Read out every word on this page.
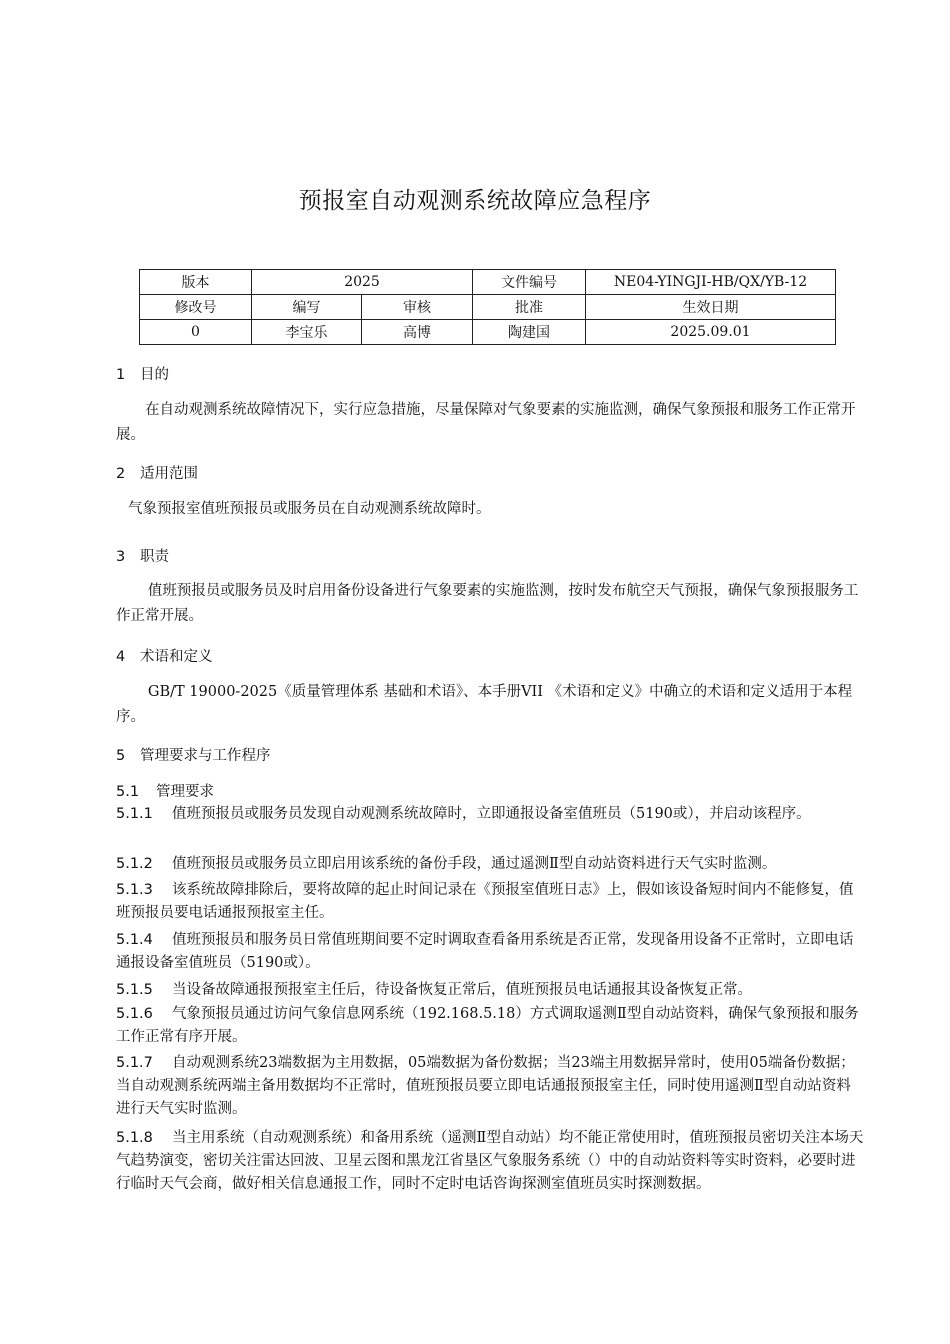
预报室自动观测系统故障应急程序
版本	2025		文件编号	NE04-YINGJI-HB/QX/YB-12
修改号	编写	审核	批准	生效日期
0	李宝乐	高博	陶建国	2025.09.01
1 目的

在自动观测系统故障情况下，实行应急措施，尽量保障对气象要素的实施监测，确保气象预报和服务工作正常开展。

2 适用范围

气象预报室值班预报员或服务员在自动观测系统故障时。

3 职责

值班预报员或服务员及时启用备份设备进行气象要素的实施监测，按时发布航空天气预报，确保气象预报服务工作正常开展。

4 术语和定义

GB/T 19000-2025《质量管理体系 基础和术语》、本手册VII 《术语和定义》中确立的术语和定义适用于本程序。

5 管理要求与工作程序
5.1 管理要求
5.1.1 值班预报员或服务员发现自动观测系统故障时，立即通报设备室值班员（5190或），并启动该程序。
5.1.2 值班预报员或服务员立即启用该系统的备份手段，通过遥测Ⅱ型自动站资料进行天气实时监测。
5.1.3 该系统故障排除后，要将故障的起止时间记录在《预报室值班日志》上，假如该设备短时间内不能修复，值班预报员要电话通报预报室主任。
5.1.4 值班预报员和服务员日常值班期间要不定时调取查看备用系统是否正常，发现备用设备不正常时，立即电话通报设备室值班员（5190或）。
5.1.5 当设备故障通报预报室主任后，待设备恢复正常后，值班预报员电话通报其设备恢复正常。
5.1.6 气象预报员通过访问气象信息网系统（192.168.5.18）方式调取遥测Ⅱ型自动站资料，确保气象预报和服务工作正常有序开展。
5.1.7 自动观测系统23端数据为主用数据，05端数据为备份数据；当23端主用数据异常时，使用05端备份数据；当自动观测系统两端主备用数据均不正常时，值班预报员要立即电话通报预报室主任，同时使用遥测Ⅱ型自动站资料进行天气实时监测。
5.1.8 当主用系统（自动观测系统）和备用系统（遥测Ⅱ型自动站）均不能正常使用时，值班预报员密切关注本场天气趋势演变，密切关注雷达回波、卫星云图和黑龙江省垦区气象服务系统（）中的自动站资料等实时资料，必要时进行临时天气会商，做好相关信息通报工作，同时不定时电话咨询探测室值班员实时探测数据。
